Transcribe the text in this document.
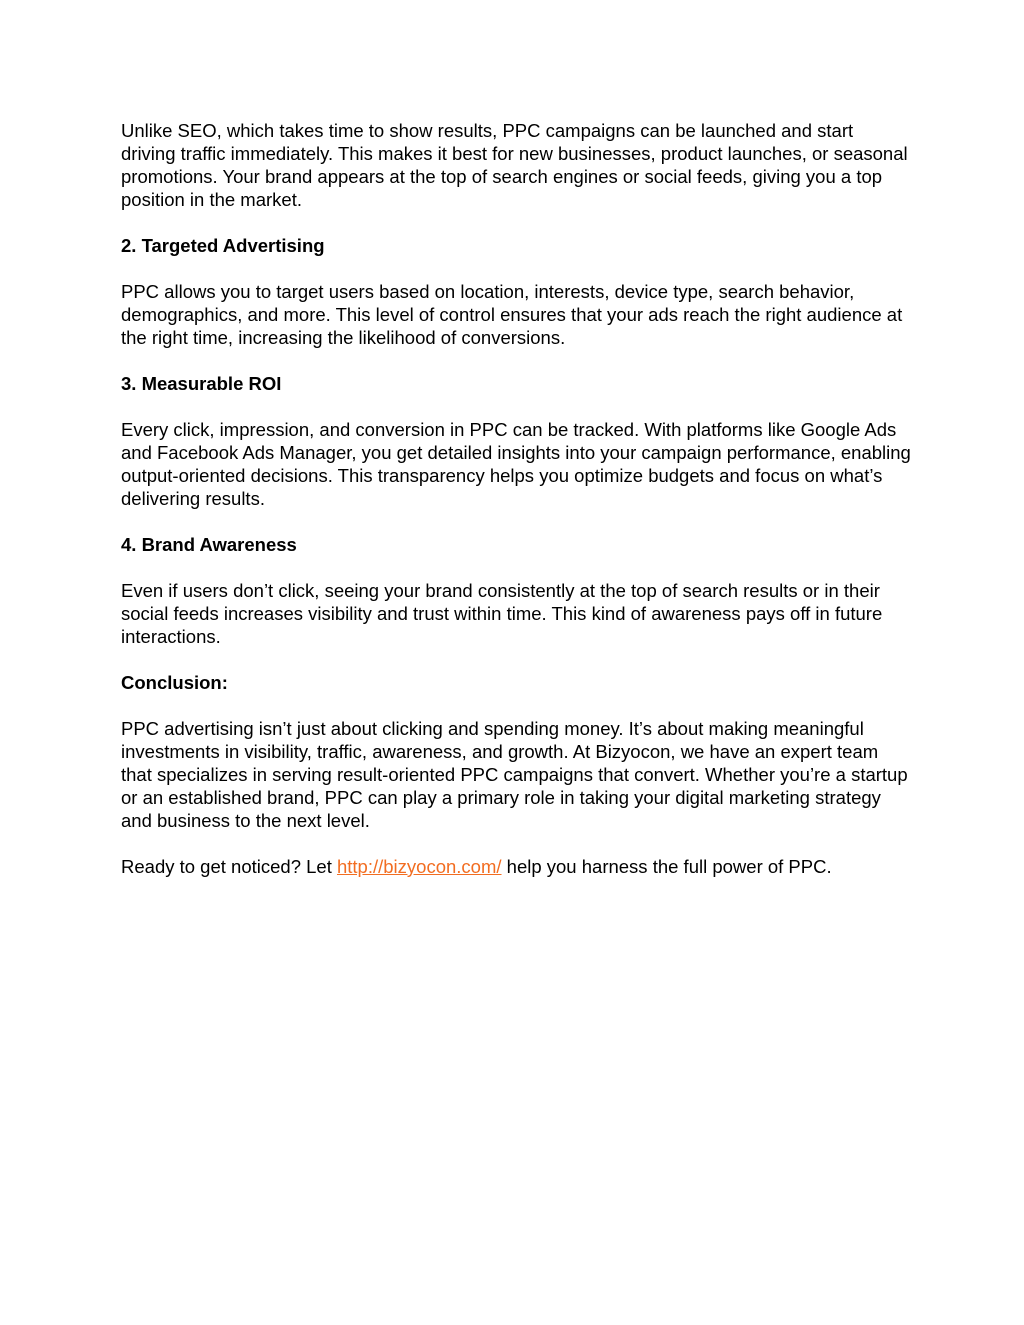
Unlike SEO, which takes time to show results, PPC campaigns can be launched and start driving traffic immediately. This makes it best for new businesses, product launches, or seasonal promotions. Your brand appears at the top of search engines or social feeds, giving you a top position in the market.

2. Targeted Advertising

PPC allows you to target users based on location, interests, device type, search behavior, demographics, and more. This level of control ensures that your ads reach the right audience at the right time, increasing the likelihood of conversions.

3. Measurable ROI

Every click, impression, and conversion in PPC can be tracked. With platforms like Google Ads and Facebook Ads Manager, you get detailed insights into your campaign performance, enabling output-oriented decisions. This transparency helps you optimize budgets and focus on what’s delivering results.

4. Brand Awareness

Even if users don’t click, seeing your brand consistently at the top of search results or in their social feeds increases visibility and trust within time. This kind of awareness pays off in future interactions.

Conclusion:

PPC advertising isn’t just about clicking and spending money. It’s about making meaningful investments in visibility, traffic, awareness, and growth. At Bizyocon, we have an expert team that specializes in serving result-oriented PPC campaigns that convert. Whether you’re a startup or an established brand, PPC can play a primary role in taking your digital marketing strategy and business to the next level.

Ready to get noticed? Let http://bizyocon.com/ help you harness the full power of PPC.
